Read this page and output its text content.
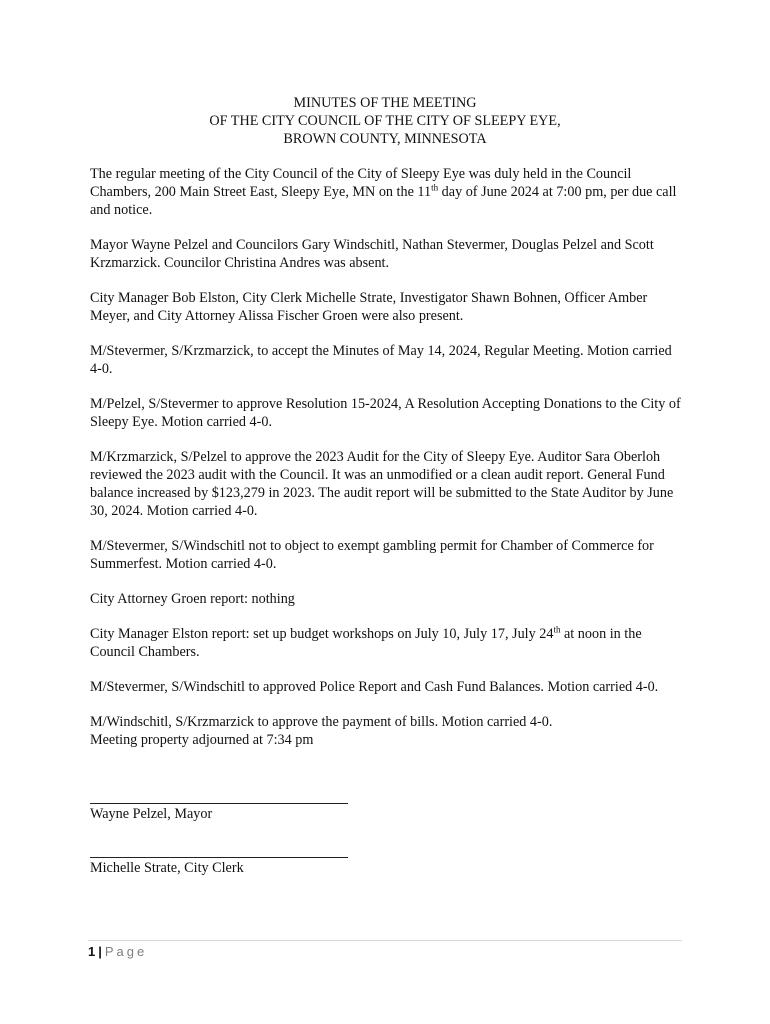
MINUTES OF THE MEETING
OF THE CITY COUNCIL OF THE CITY OF SLEEPY EYE,
BROWN COUNTY, MINNESOTA

The regular meeting of the City Council of the City of Sleepy Eye was duly held in the Council Chambers, 200 Main Street East, Sleepy Eye, MN on the 11th day of June 2024 at 7:00 pm, per due call and notice.

Mayor Wayne Pelzel and Councilors Gary Windschitl, Nathan Stevermer, Douglas Pelzel and Scott Krzmarzick. Councilor Christina Andres was absent.

City Manager Bob Elston, City Clerk Michelle Strate, Investigator Shawn Bohnen, Officer Amber Meyer, and City Attorney Alissa Fischer Groen were also present.

M/Stevermer, S/Krzmarzick, to accept the Minutes of May 14, 2024, Regular Meeting. Motion carried 4-0.

M/Pelzel, S/Stevermer to approve Resolution 15-2024, A Resolution Accepting Donations to the City of Sleepy Eye. Motion carried 4-0.

M/Krzmarzick, S/Pelzel to approve the 2023 Audit for the City of Sleepy Eye. Auditor Sara Oberloh reviewed the 2023 audit with the Council. It was an unmodified or a clean audit report. General Fund balance increased by $123,279 in 2023. The audit report will be submitted to the State Auditor by June 30, 2024. Motion carried 4-0.

M/Stevermer, S/Windschitl not to object to exempt gambling permit for Chamber of Commerce for Summerfest. Motion carried 4-0.

City Attorney Groen report: nothing

City Manager Elston report: set up budget workshops on July 10, July 17, July 24th at noon in the Council Chambers.

M/Stevermer, S/Windschitl to approved Police Report and Cash Fund Balances. Motion carried 4-0.

M/Windschitl, S/Krzmarzick to approve the payment of bills. Motion carried 4-0.

Meeting property adjourned at 7:34 pm

Wayne Pelzel, Mayor
Michelle Strate, City Clerk
1 | Page
